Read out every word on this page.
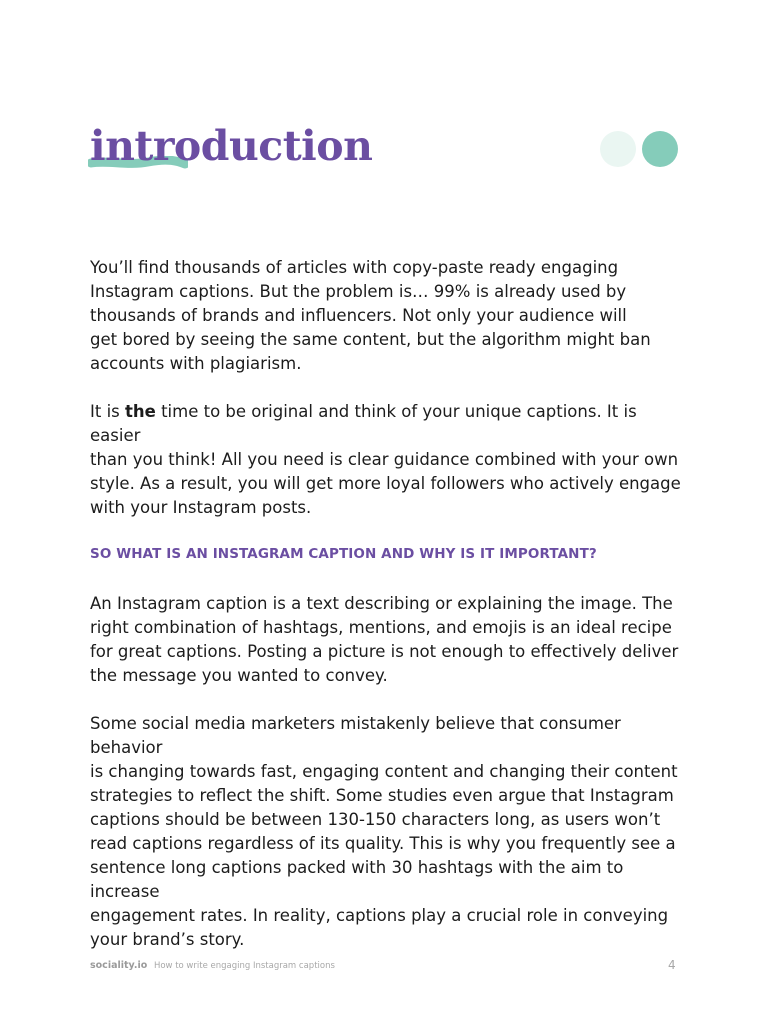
introduction

You’ll find thousands of articles with copy-paste ready engaging
Instagram captions. But the problem is… 99% is already used by
thousands of brands and influencers. Not only your audience will
get bored by seeing the same content, but the algorithm might ban
accounts with plagiarism.

It is the time to be original and think of your unique captions. It is easier
than you think! All you need is clear guidance combined with your own
style. As a result, you will get more loyal followers who actively engage
with your Instagram posts.

SO WHAT IS AN INSTAGRAM CAPTION AND WHY IS IT IMPORTANT?

An Instagram caption is a text describing or explaining the image. The
right combination of hashtags, mentions, and emojis is an ideal recipe
for great captions. Posting a picture is not enough to effectively deliver
the message you wanted to convey.

Some social media marketers mistakenly believe that consumer behavior
is changing towards fast, engaging content and changing their content
strategies to reflect the shift. Some studies even argue that Instagram
captions should be between 130-150 characters long, as users won’t
read captions regardless of its quality. This is why you frequently see a
sentence long captions packed with 30 hashtags with the aim to increase
engagement rates. In reality, captions play a crucial role in conveying
your brand’s story.

sociality.io How to write engaging Instagram captions	4
